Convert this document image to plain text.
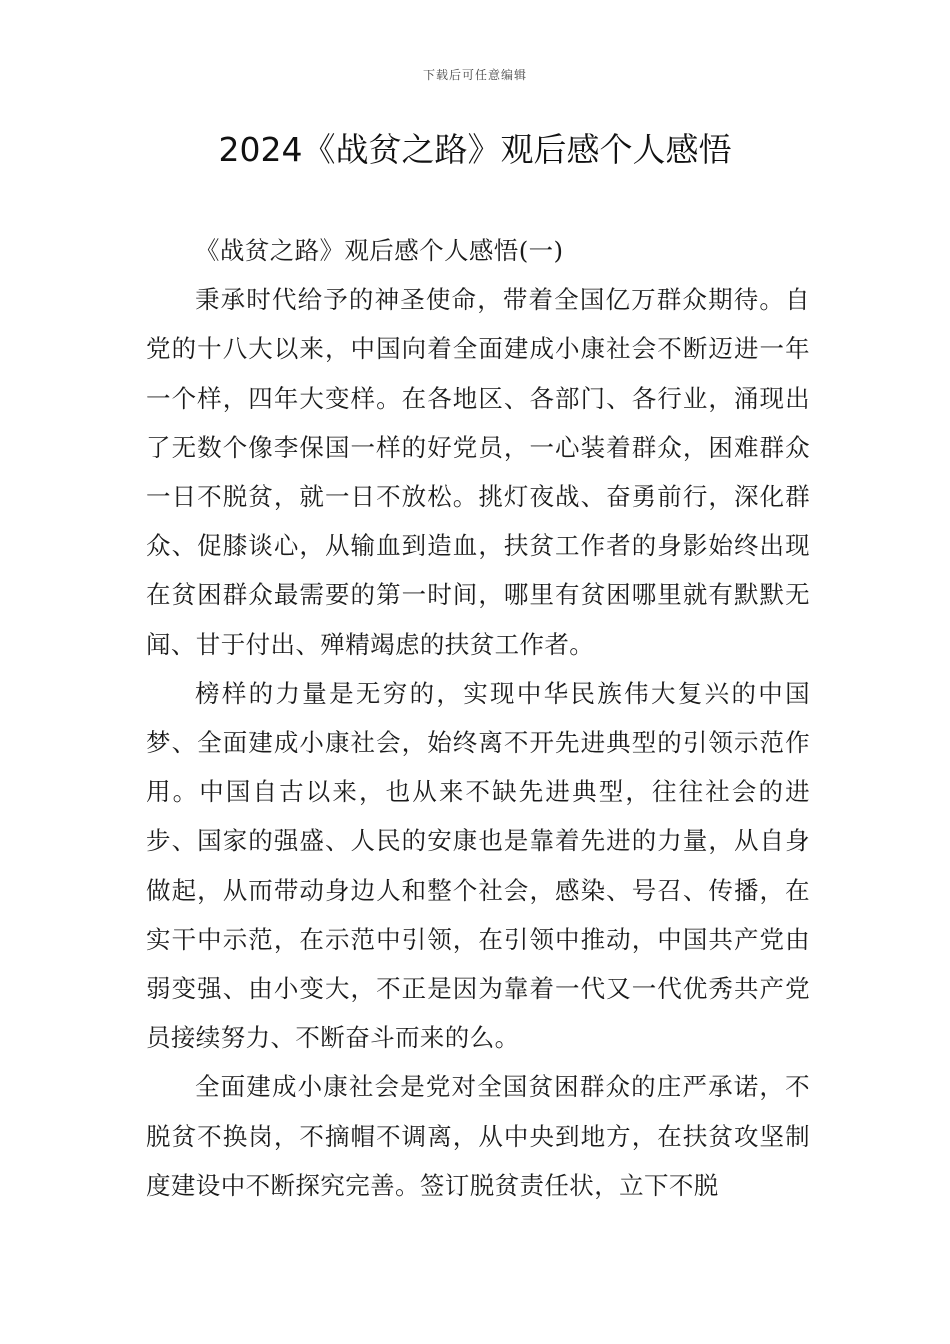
下载后可任意编辑
2024《战贫之路》观后感个人感悟

《战贫之路》观后感个人感悟(一)

秉承时代给予的神圣使命，带着全国亿万群众期待。自党的十八大以来，中国向着全面建成小康社会不断迈进一年一个样，四年大变样。在各地区、各部门、各行业，涌现出了无数个像李保国一样的好党员，一心装着群众，困难群众一日不脱贫，就一日不放松。挑灯夜战、奋勇前行，深化群众、促膝谈心，从输血到造血，扶贫工作者的身影始终出现在贫困群众最需要的第一时间，哪里有贫困哪里就有默默无闻、甘于付出、殚精竭虑的扶贫工作者。

榜样的力量是无穷的，实现中华民族伟大复兴的中国梦、全面建成小康社会，始终离不开先进典型的引领示范作用。中国自古以来，也从来不缺先进典型，往往社会的进步、国家的强盛、人民的安康也是靠着先进的力量，从自身做起，从而带动身边人和整个社会，感染、号召、传播，在实干中示范，在示范中引领，在引领中推动，中国共产党由弱变强、由小变大，不正是因为靠着一代又一代优秀共产党员接续努力、不断奋斗而来的么。

全面建成小康社会是党对全国贫困群众的庄严承诺，不脱贫不换岗，不摘帽不调离，从中央到地方，在扶贫攻坚制度建设中不断探究完善。签订脱贫责任状，立下不脱
